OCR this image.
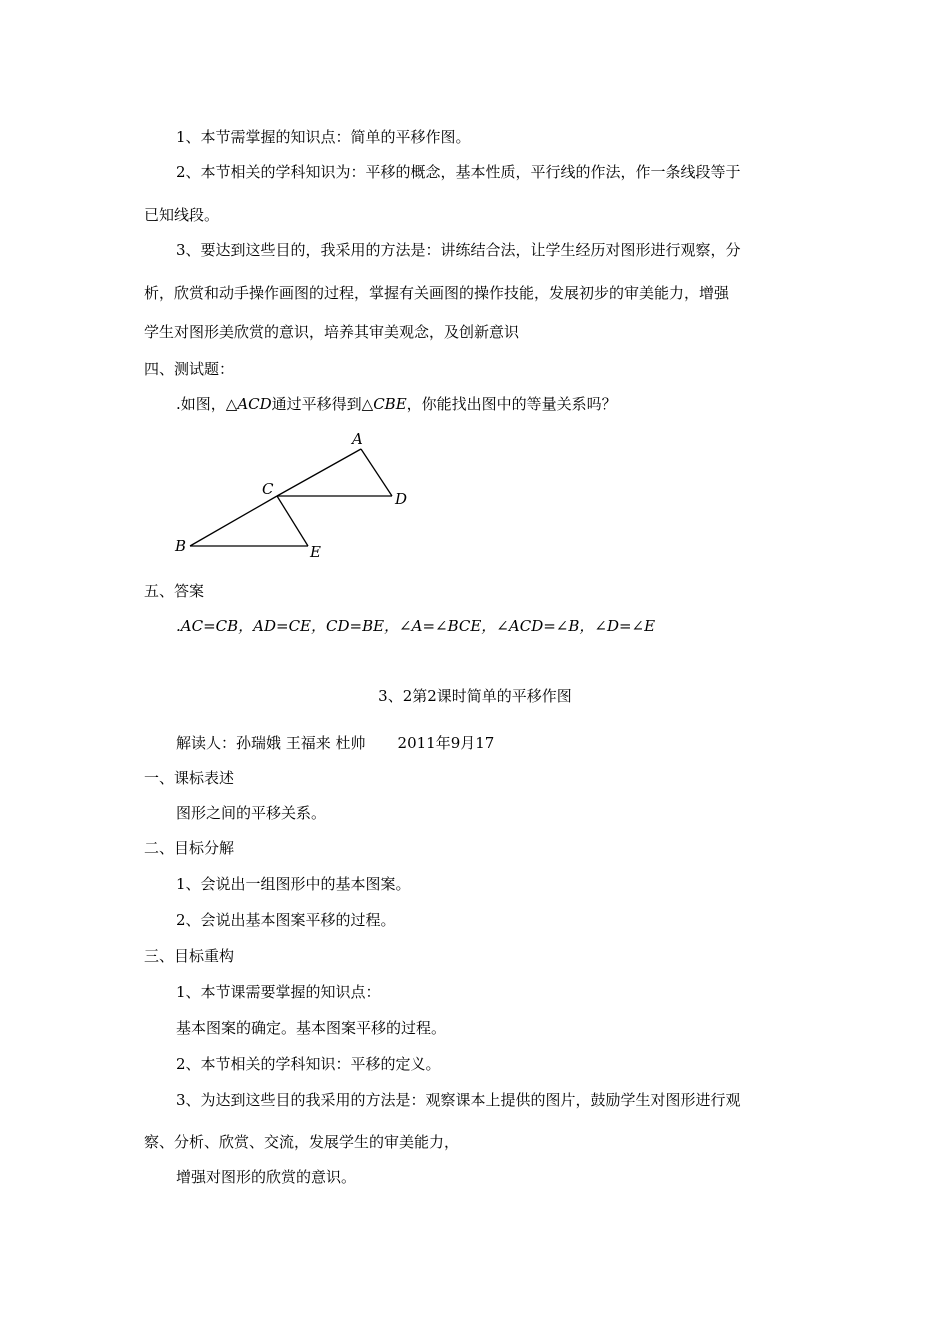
1、本节需掌握的知识点：简单的平移作图。
2、本节相关的学科知识为：平移的概念，基本性质，平行线的作法，作一条线段等于
已知线段。
3、要达到这些目的，我采用的方法是：讲练结合法，让学生经历对图形进行观察，分
析，欣赏和动手操作画图的过程，掌握有关画图的操作技能，发展初步的审美能力，增强
学生对图形美欣赏的意识，培养其审美观念，及创新意识
四、测试题：
.如图，△ACD通过平移得到△CBE，你能找出图中的等量关系吗？
A
C
D
B	E
五、答案
.AC=CB，AD=CE，CD=BE，∠A=∠BCE，∠ACD=∠B，∠D=∠E
3、2第2课时简单的平移作图
解读人：孙瑞娥 王福来 杜帅 2011年9月17
一、课标表述
图形之间的平移关系。
二、目标分解
1、会说出一组图形中的基本图案。
2、会说出基本图案平移的过程。
三、目标重构
1、本节课需要掌握的知识点：
基本图案的确定。基本图案平移的过程。
2、本节相关的学科知识：平移的定义。
3、为达到这些目的我采用的方法是：观察课本上提供的图片，鼓励学生对图形进行观
察、分析、欣赏、交流，发展学生的审美能力，
增强对图形的欣赏的意识。
